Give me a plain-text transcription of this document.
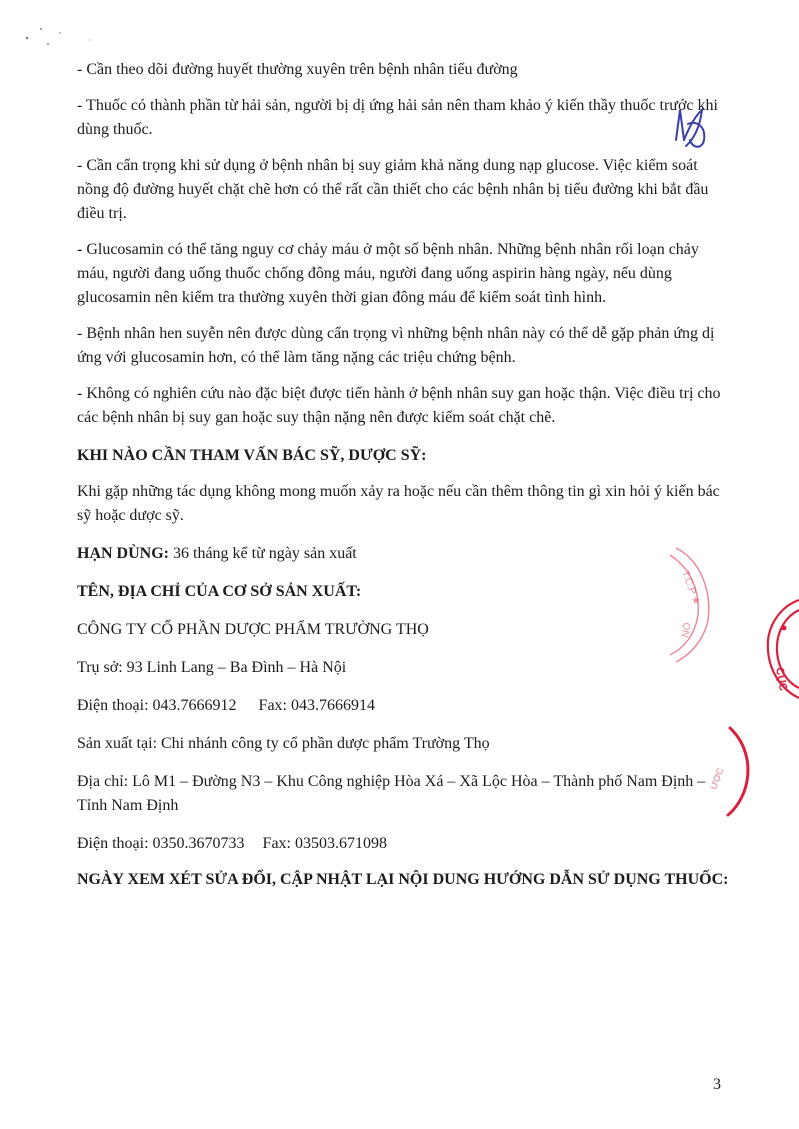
- Cần theo dõi đường huyết thường xuyên trên bệnh nhân tiểu đường

- Thuốc có thành phần từ hải sản, người bị dị ứng hải sản nên tham khảo ý kiến thầy thuốc trước khi dùng thuốc.

- Cần cẩn trọng khi sử dụng ở bệnh nhân bị suy giảm khả năng dung nạp glucose. Việc kiểm soát nồng độ đường huyết chặt chẽ hơn có thể rất cần thiết cho các bệnh nhân bị tiểu đường khi bắt đầu điều trị.

- Glucosamin có thể tăng nguy cơ chảy máu ở một số bệnh nhân. Những bệnh nhân rối loạn chảy máu, người đang uống thuốc chống đông máu, người đang uống aspirin hàng ngày, nếu dùng glucosamin nên kiểm tra thường xuyên thời gian đông máu để kiểm soát tình hình.

- Bệnh nhân hen suyễn nên được dùng cẩn trọng vì những bệnh nhân này có thể dễ gặp phản ứng dị ứng với glucosamin hơn, có thể làm tăng nặng các triệu chứng bệnh.

- Không có nghiên cứu nào đặc biệt được tiến hành ở bệnh nhân suy gan hoặc thận. Việc điều trị cho các bệnh nhân bị suy gan hoặc suy thận nặng nên được kiểm soát chặt chẽ.

KHI NÀO CẦN THAM VẤN BÁC SỸ, DƯỢC SỸ:

Khi gặp những tác dụng không mong muốn xảy ra hoặc nếu cần thêm thông tin gì xin hỏi ý kiến bác sỹ hoặc dược sỹ.

HẠN DÙNG: 36 tháng kể từ ngày sản xuất

TÊN, ĐỊA CHỈ CỦA CƠ SỞ SẢN XUẤT:

CÔNG TY CỔ PHẦN DƯỢC PHẨM TRƯỜNG THỌ

Trụ sở: 93 Linh Lang – Ba Đình – Hà Nội

Điện thoại: 043.7666912 Fax: 043.7666914

Sản xuất tại: Chi nhánh công ty cổ phần dược phẩm Trường Thọ

Địa chỉ: Lô M1 – Đường N3 – Khu Công nghiệp Hòa Xá – Xã Lộc Hòa – Thành phố Nam Định – Tỉnh Nam Định

Điện thoại: 0350.3670733 Fax: 03503.671098

NGÀY XEM XÉT SỬA ĐỔI, CẬP NHẬT LẠI NỘI DUNG HƯỚNG DẪN SỬ DỤNG THUỐC:
3
T.C.P ★
ỌN
CỤC
ƯỢC
